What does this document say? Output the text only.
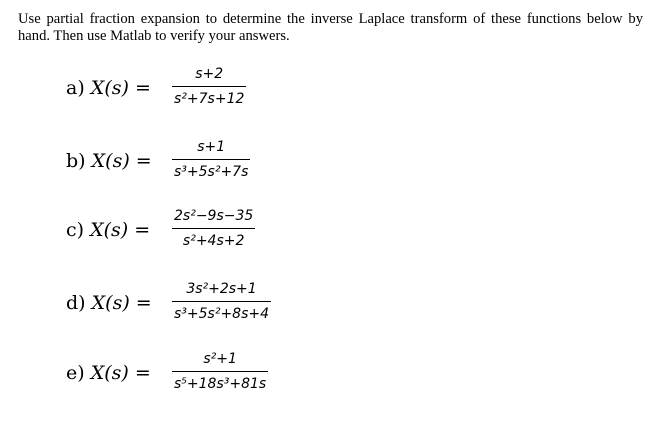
Use partial fraction expansion to determine the inverse Laplace transform of these functions below by hand. Then use Matlab to verify your answers.
a) X(s) =
s+2
s²+7s+12
b) X(s) =
s+1
s³+5s²+7s
c) X(s) =
2s²−9s−35
s²+4s+2
d) X(s) =
3s²+2s+1
s³+5s²+8s+4
e) X(s) =
s²+1
s⁵+18s³+81s
